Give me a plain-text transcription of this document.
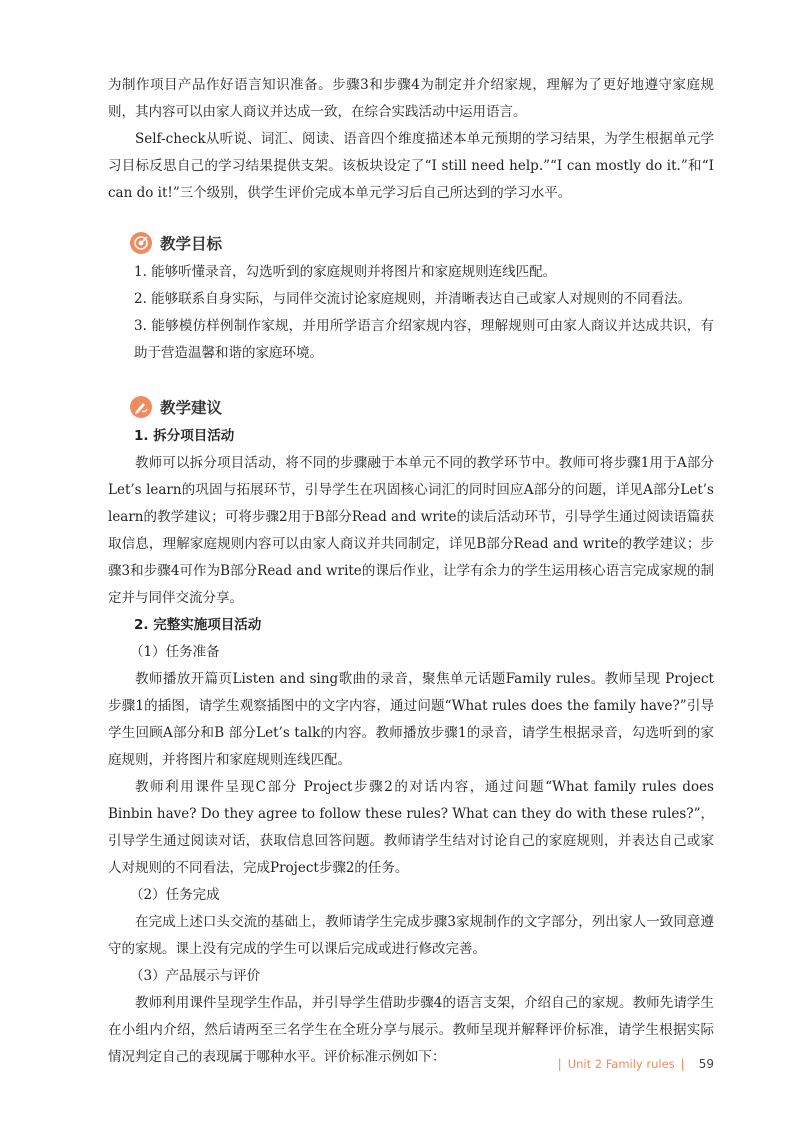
为制作项目产品作好语言知识准备。步骤3和步骤4为制定并介绍家规，理解为了更好地遵守家庭规则，其内容可以由家人商议并达成一致，在综合实践活动中运用语言。

Self-check从听说、词汇、阅读、语音四个维度描述本单元预期的学习结果，为学生根据单元学习目标反思自己的学习结果提供支架。该板块设定了“I still need help.”“I can mostly do it.”和“I can do it!”三个级别，供学生评价完成本单元学习后自己所达到的学习水平。

教学目标

1. 能够听懂录音，勾选听到的家庭规则并将图片和家庭规则连线匹配。

2. 能够联系自身实际，与同伴交流讨论家庭规则，并清晰表达自己或家人对规则的不同看法。

3. 能够模仿样例制作家规，并用所学语言介绍家规内容，理解规则可由家人商议并达成共识，有助于营造温馨和谐的家庭环境。

教学建议

1. 拆分项目活动

教师可以拆分项目活动，将不同的步骤融于本单元不同的教学环节中。教师可将步骤1用于A部分Let’s learn的巩固与拓展环节，引导学生在巩固核心词汇的同时回应A部分的问题，详见A部分Let’s learn的教学建议；可将步骤2用于B部分Read and write的读后活动环节，引导学生通过阅读语篇获取信息，理解家庭规则内容可以由家人商议并共同制定，详见B部分Read and write的教学建议；步骤3和步骤4可作为B部分Read and write的课后作业，让学有余力的学生运用核心语言完成家规的制定并与同伴交流分享。

2. 完整实施项目活动

（1）任务准备

教师播放开篇页Listen and sing歌曲的录音，聚焦单元话题Family rules。教师呈现 Project步骤1的插图，请学生观察插图中的文字内容，通过问题“What rules does the family have?”引导学生回顾A部分和B 部分Let’s talk的内容。教师播放步骤1的录音，请学生根据录音，勾选听到的家庭规则，并将图片和家庭规则连线匹配。

教师利用课件呈现C部分 Project步骤2的对话内容，通过问题“What family rules does Binbin have? Do they agree to follow these rules? What can they do with these rules?”，引导学生通过阅读对话，获取信息回答问题。教师请学生结对讨论自己的家庭规则，并表达自己或家人对规则的不同看法，完成Project步骤2的任务。

（2）任务完成

在完成上述口头交流的基础上，教师请学生完成步骤3家规制作的文字部分，列出家人一致同意遵守的家规。课上没有完成的学生可以课后完成或进行修改完善。

（3）产品展示与评价

教师利用课件呈现学生作品，并引导学生借助步骤4的语言支架，介绍自己的家规。教师先请学生在小组内介绍，然后请两至三名学生在全班分享与展示。教师呈现并解释评价标准，请学生根据实际情况判定自己的表现属于哪种水平。评价标准示例如下：	| Unit 2 Family rules | 59
